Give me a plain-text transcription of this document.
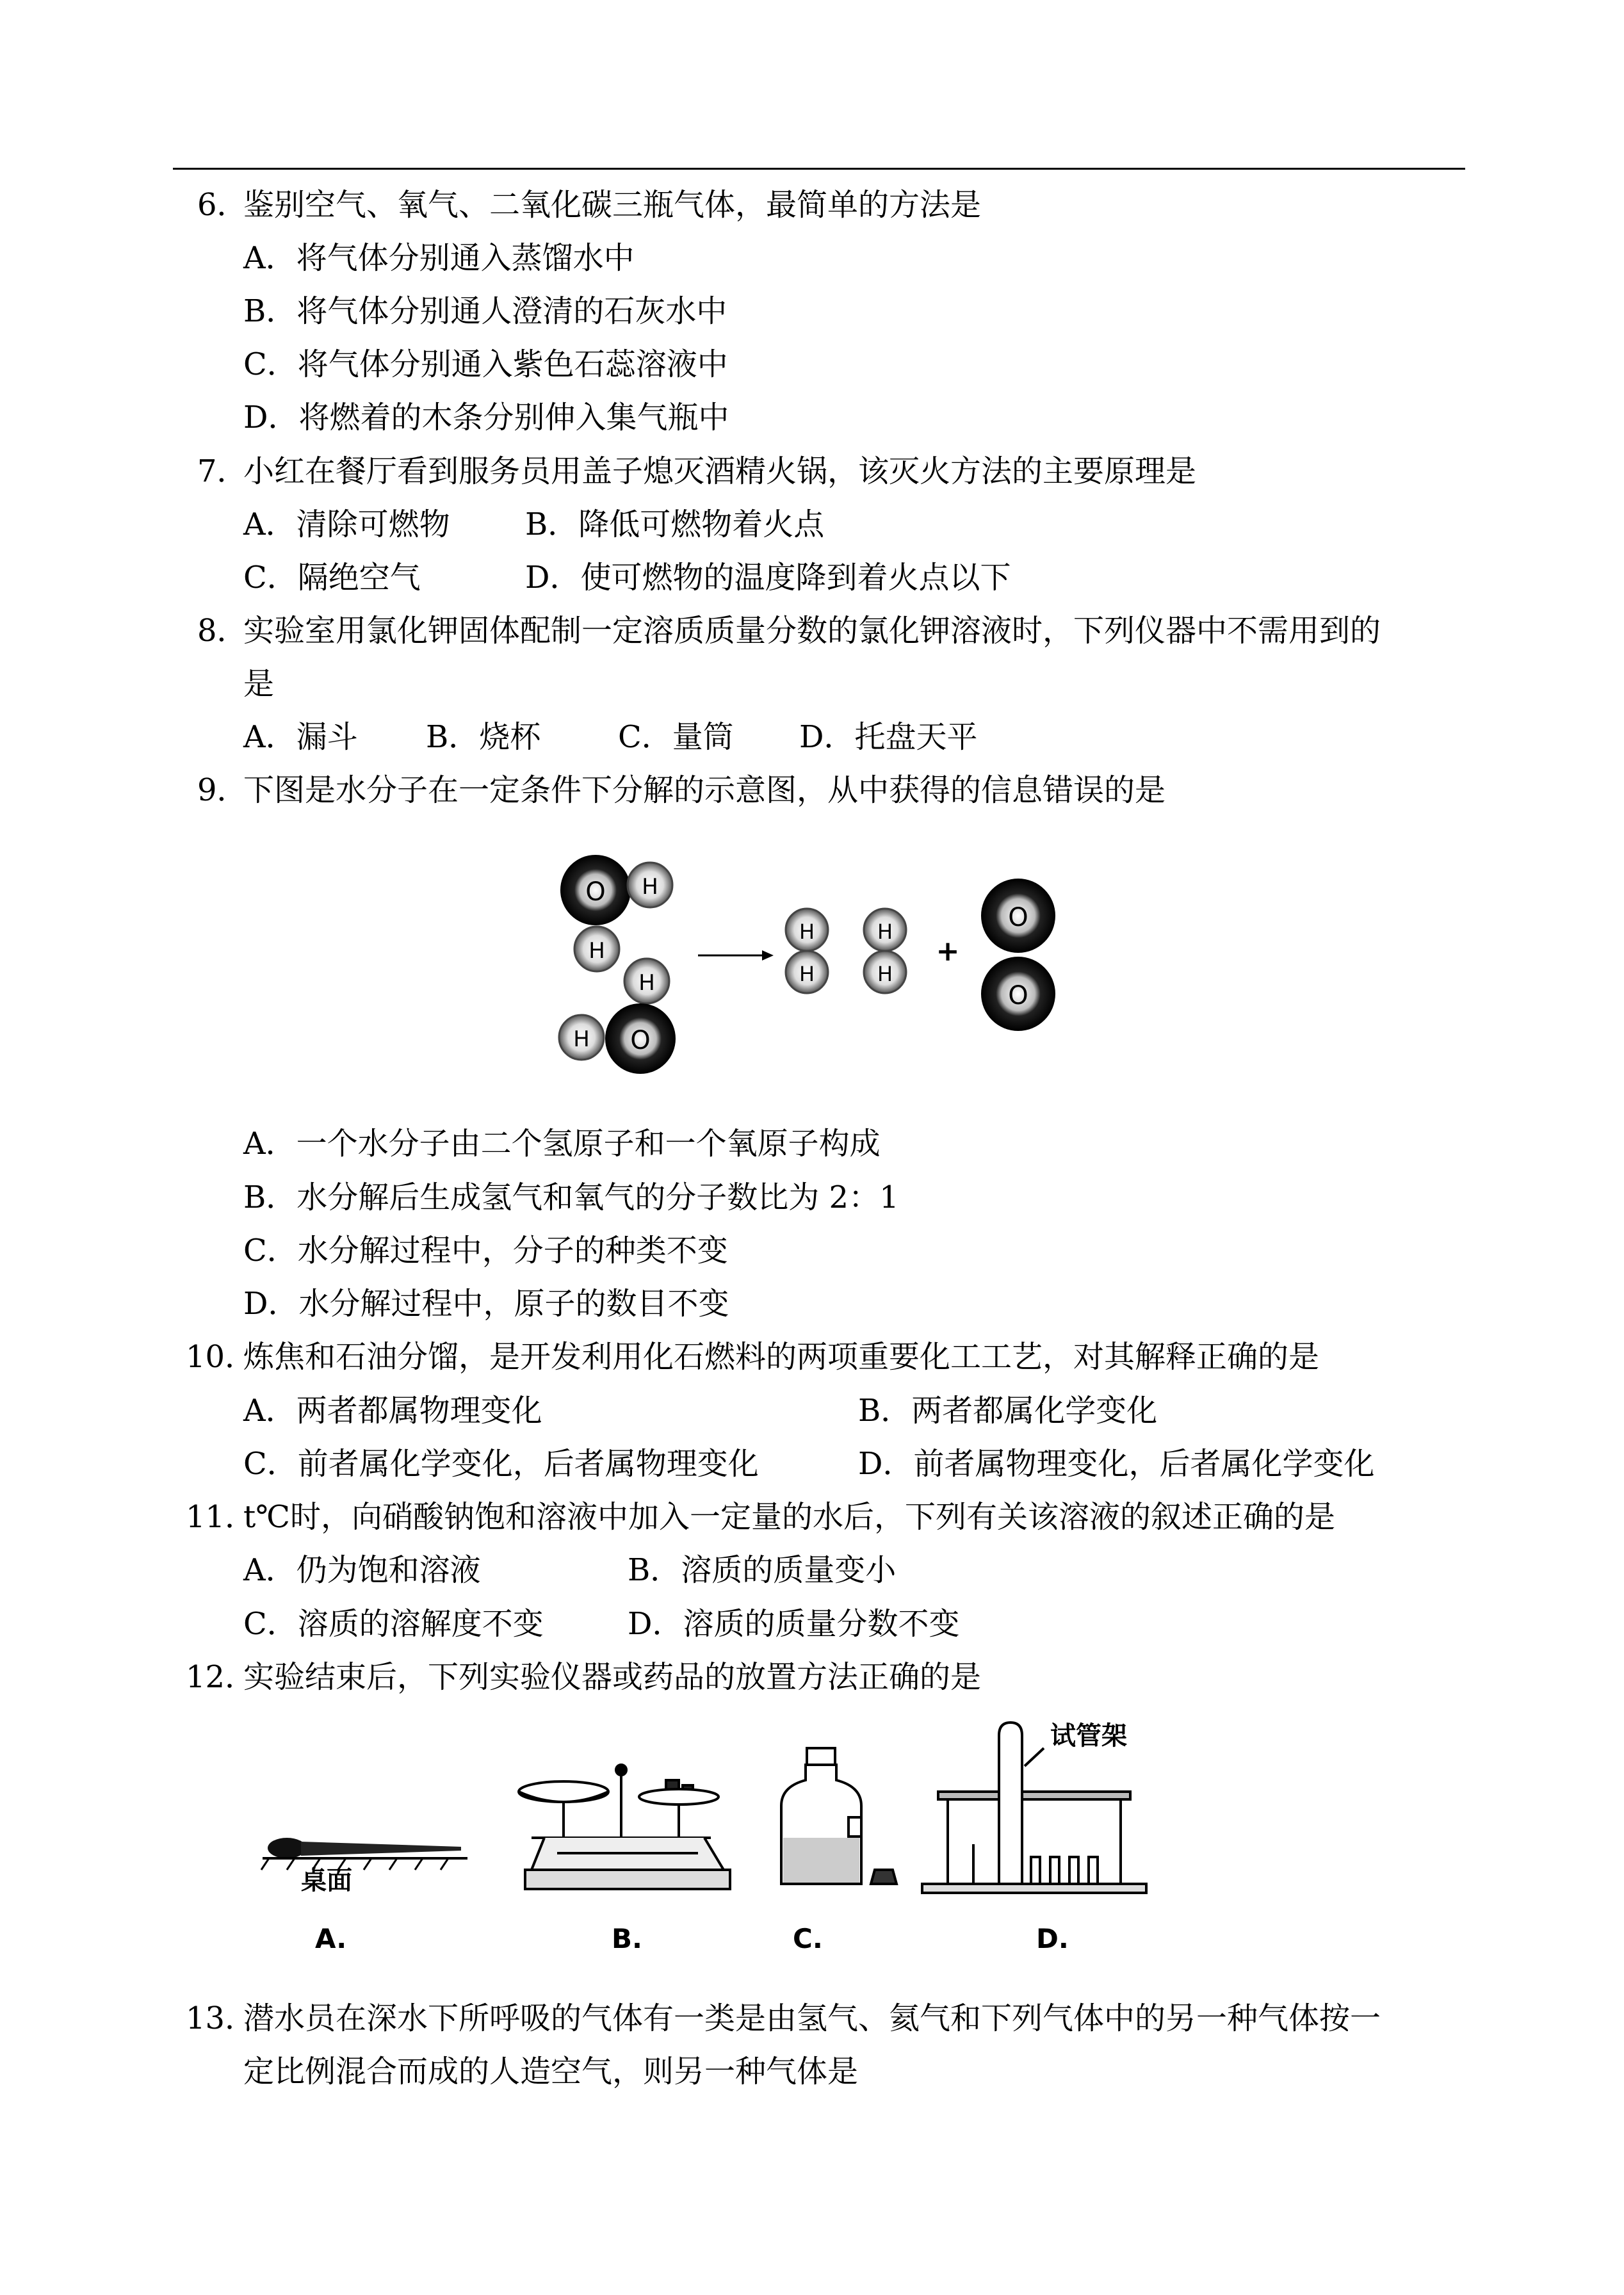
6．
鉴别空气、氧气、二氧化碳三瓶气体，最简单的方法是
A．将气体分别通入蒸馏水中
B．将气体分别通人澄清的石灰水中
C．将气体分别通入紫色石蕊溶液中
D．将燃着的木条分别伸入集气瓶中
7．
小红在餐厅看到服务员用盖子熄灭酒精火锅，该灭火方法的主要原理是
A．清除可燃物 B．降低可燃物着火点
C．隔绝空气	D．使可燃物的温度降到着火点以下
8．
实验室用氯化钾固体配制一定溶质质量分数的氯化钾溶液时，下列仪器中不需用到的
是
A．漏斗 B．烧杯	C．量筒 D．托盘天平
9．
下图是水分子在一定条件下分解的示意图，从中获得的信息错误的是
O H
H
H
H O
H
H
H
H
+
O
O
A．一个水分子由二个氢原子和一个氧原子构成
B．水分解后生成氢气和氧气的分子数比为 2：1
C．水分解过程中，分子的种类不变
D．水分解过程中，原子的数目不变
10．
炼焦和石油分馏，是开发利用化石燃料的两项重要化工工艺，对其解释正确的是
A．两者都属物理变化	B．两者都属化学变化
C．前者属化学变化，后者属物理变化	D．前者属物理变化，后者属化学变化
11．
t℃时，向硝酸钠饱和溶液中加入一定量的水后，下列有关该溶液的叙述正确的是
A．仍为饱和溶液	B．溶质的质量变小
C．溶质的溶解度不变	D．溶质的质量分数不变
12．
实验结束后，下列实验仪器或药品的放置方法正确的是
桌面
A.	B.	C.
试管架
D.
13．
潜水员在深水下所呼吸的气体有一类是由氢气、氦气和下列气体中的另一种气体按一
定比例混合而成的人造空气，则另一种气体是
